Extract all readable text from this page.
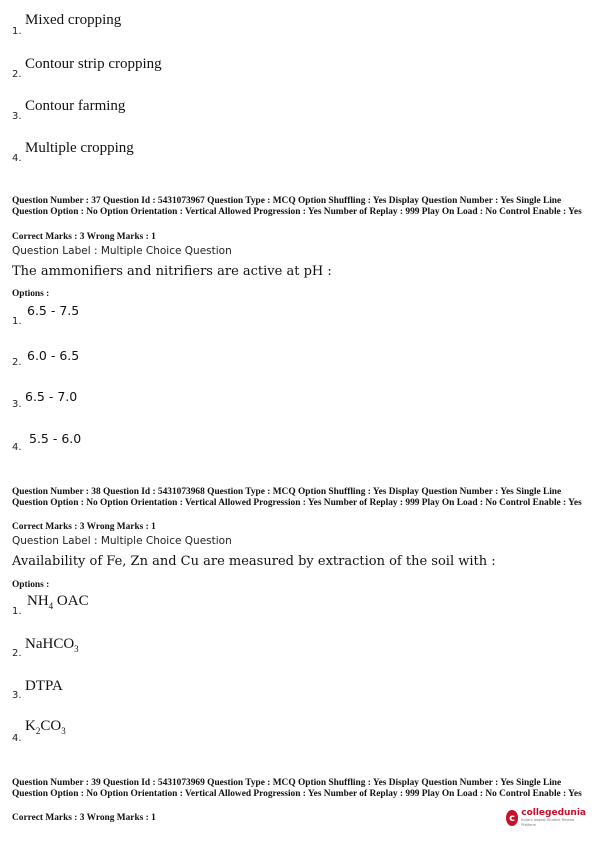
1.
Mixed cropping
2.
Contour strip cropping
3.
Contour farming
4.
Multiple cropping
Question Number : 37 Question Id : 5431073967 Question Type : MCQ Option Shuffling : Yes Display Question Number : Yes Single Line Question Option : No Option Orientation : Vertical Allowed Progression : Yes Number of Replay : 999 Play On Load : No Control Enable : Yes
Correct Marks : 3 Wrong Marks : 1
Question Label : Multiple Choice Question
The ammonifiers and nitrifiers are active at pH :
Options :
1.
6.5 - 7.5
2. 6.0 - 6.5
3.
6.5 - 7.0
4.
5.5 - 6.0
Question Number : 38 Question Id : 5431073968 Question Type : MCQ Option Shuffling : Yes Display Question Number : Yes Single Line Question Option : No Option Orientation : Vertical Allowed Progression : Yes Number of Replay : 999 Play On Load : No Control Enable : Yes
Correct Marks : 3 Wrong Marks : 1
Question Label : Multiple Choice Question
Availability of Fe, Zn and Cu are measured by extraction of the soil with :
Options :
1.
$NH_4$ OAC
2.
NaHCO$_3$
3.
DTPA
4.
$K_2CO_3$
Question Number : 39 Question Id : 5431073969 Question Type : MCQ Option Shuffling : Yes Display Question Number : Yes Single Line Question Option : No Option Orientation : Vertical Allowed Progression : Yes Number of Replay : 999 Play On Load : No Control Enable : Yes
Correct Marks : 3 Wrong Marks : 1	c collegedunia
India's largest Student Review Platform
